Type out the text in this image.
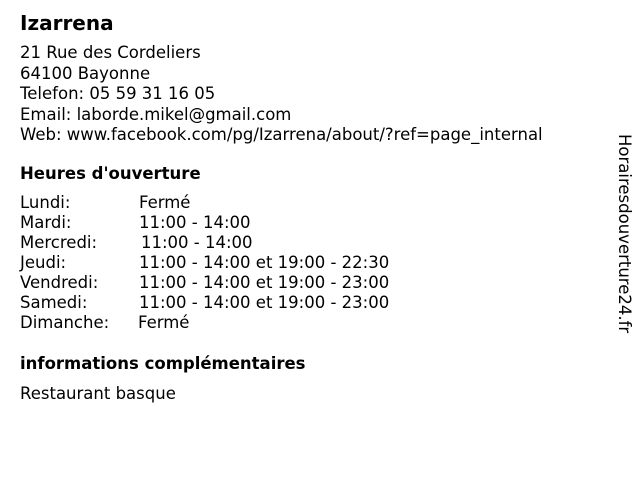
Izarrena
21 Rue des Cordeliers
64100 Bayonne
Telefon: 05 59 31 16 05
Email: laborde.mikel@gmail.com
Web: www.facebook.com/pg/Izarrena/about/?ref=page_internal
Heures d'ouverture
Lundi:	Fermé
Mardi:	11:00 - 14:00
Mercredi:	11:00 - 14:00
Jeudi:	11:00 - 14:00 et 19:00 - 22:30
Vendredi: 11:00 - 14:00 et 19:00 - 23:00
Samedi:	11:00 - 14:00 et 19:00 - 23:00
Dimanche: Fermé
informations complémentaires
Restaurant basque
Horairesdouverture24.fr
